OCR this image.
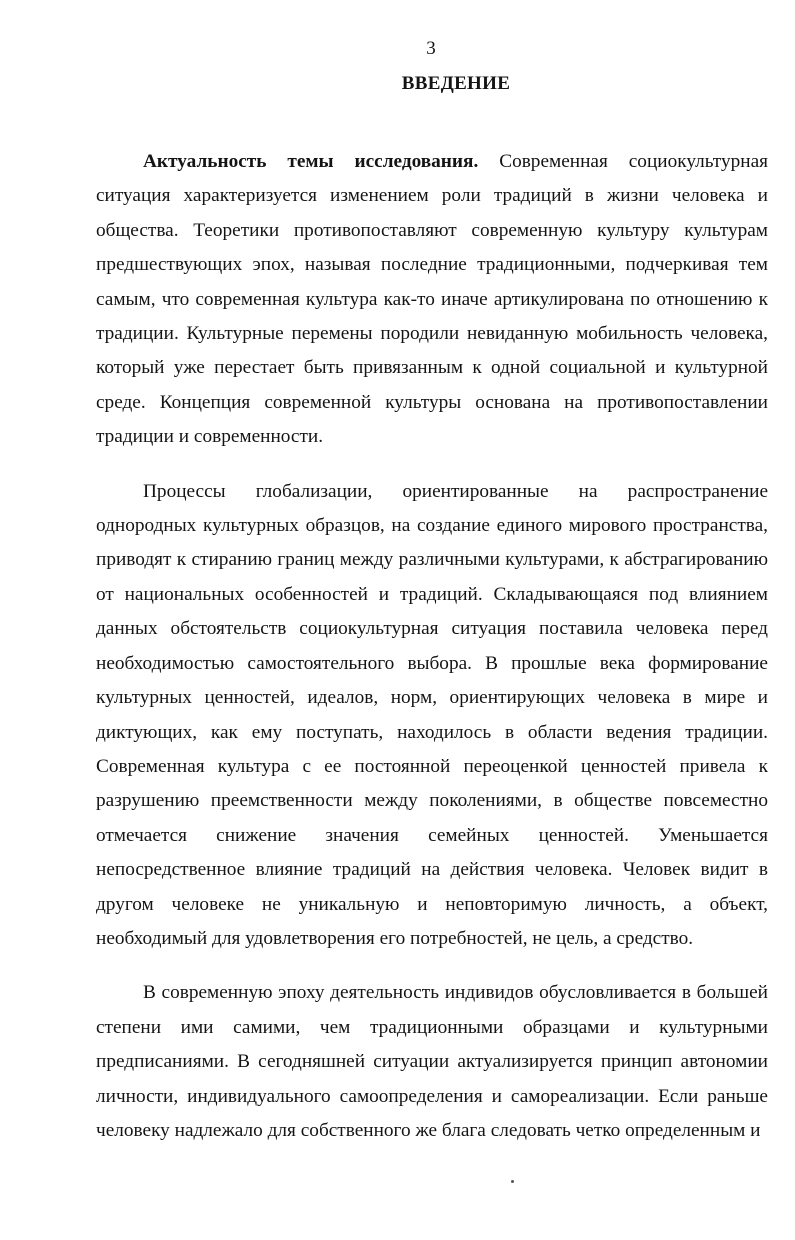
3
ВВЕДЕНИЕ

Актуальность темы исследования. Современная социокультурная ситуация характеризуется изменением роли традиций в жизни человека и общества. Теоретики противопоставляют современную культуру культурам предшествующих эпох, называя последние традиционными, подчеркивая тем самым, что современная культура как-то иначе артикулирована по отношению к традиции. Культурные перемены породили невиданную мобильность человека, который уже перестает быть привязанным к одной социальной и культурной среде. Концепция современной культуры основана на противопоставлении традиции и современности.

Процессы глобализации, ориентированные на распространение однородных культурных образцов, на создание единого мирового пространства, приводят к стиранию границ между различными культурами, к абстрагированию от национальных особенностей и традиций. Складывающаяся под влиянием данных обстоятельств социокультурная ситуация поставила человека перед необходимостью самостоятельного выбора. В прошлые века формирование культурных ценностей, идеалов, норм, ориентирующих человека в мире и диктующих, как ему поступать, находилось в области ведения традиции. Современная культура с ее постоянной переоценкой ценностей привела к разрушению преемственности между поколениями, в обществе повсеместно отмечается снижение значения семейных ценностей. Уменьшается непосредственное влияние традиций на действия человека. Человек видит в другом человеке не уникальную и неповторимую личность, а объект, необходимый для удовлетворения его потребностей, не цель, а средство.

В современную эпоху деятельность индивидов обусловливается в большей степени ими самими, чем традиционными образцами и культурными предписаниями. В сегодняшней ситуации актуализируется принцип автономии личности, индивидуального самоопределения и самореализации. Если раньше человеку надлежало для собственного же блага следовать четко определенным и
